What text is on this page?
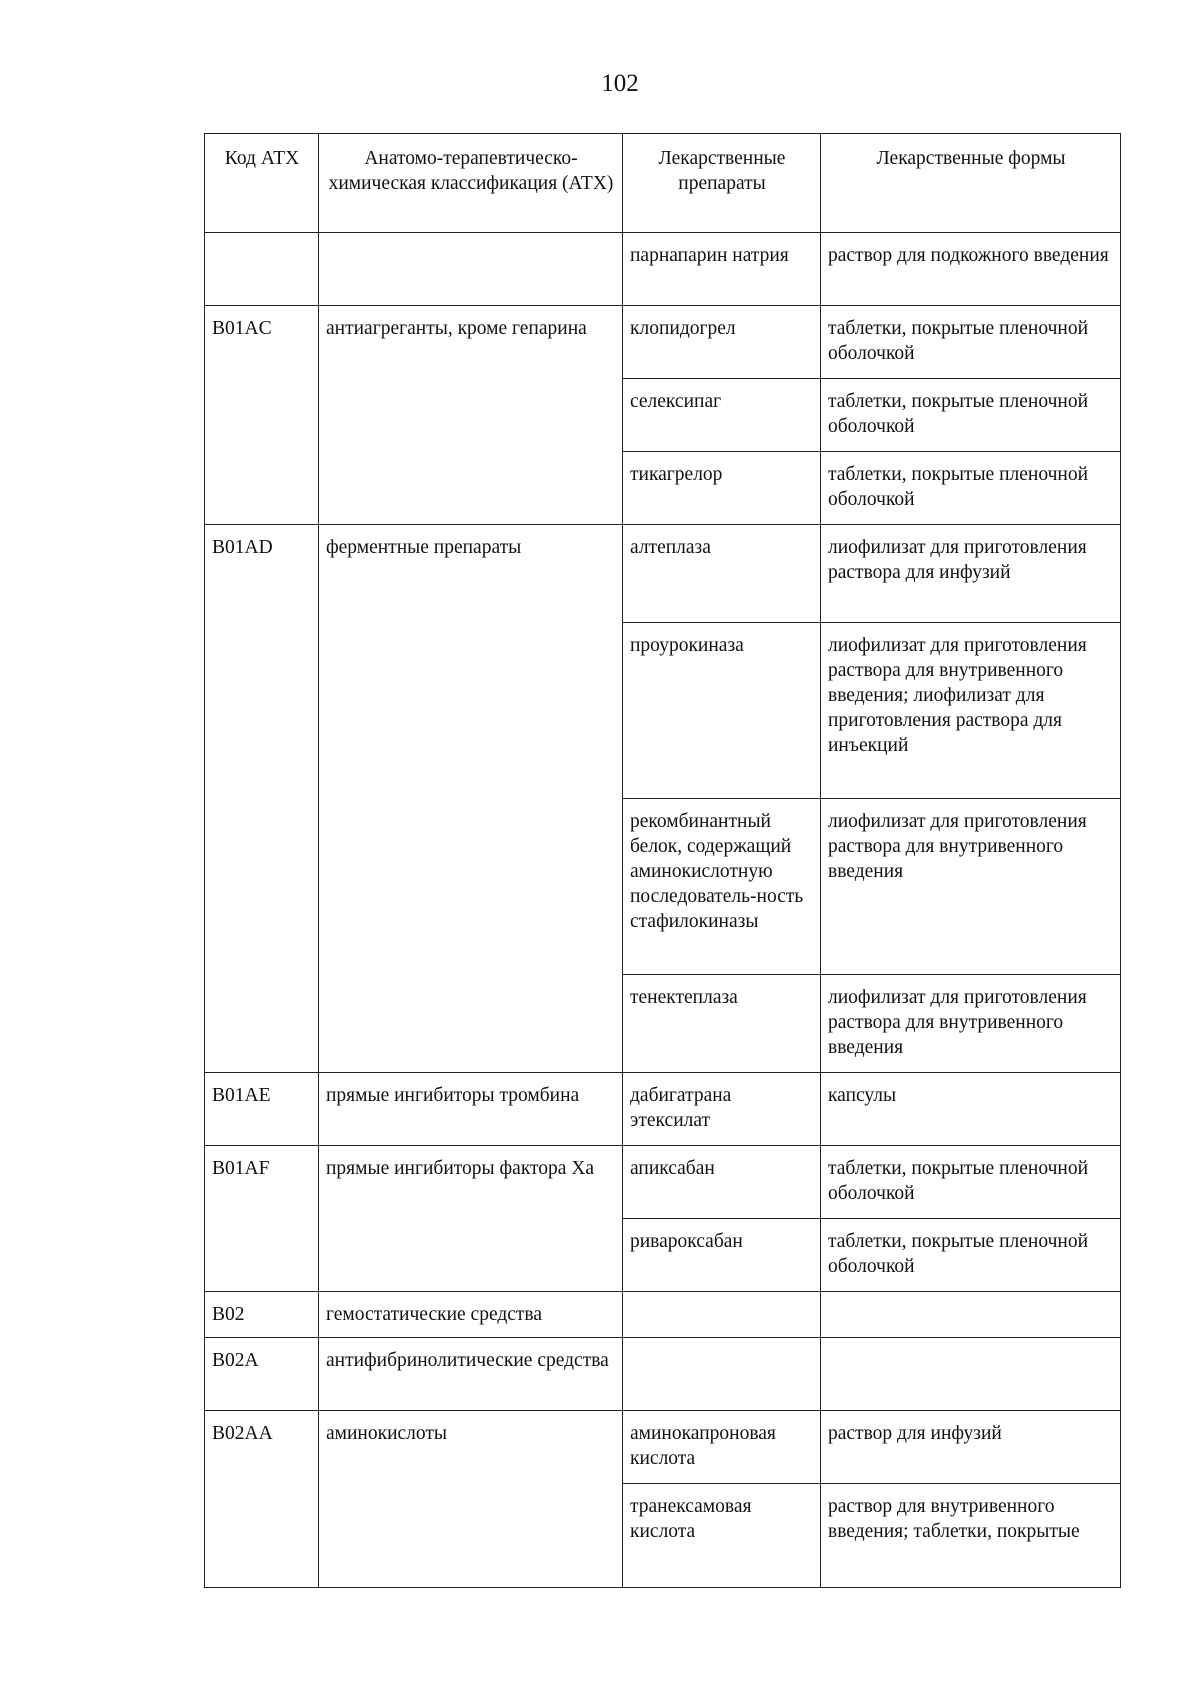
102
Код АТХ	Анатомо-терапевтическо-химическая классификация (АТХ)	Лекарственные препараты	Лекарственные формы
		парнапарин натрия	раствор для подкожного введения
B01AC	антиагреганты, кроме гепарина	клопидогрел	таблетки, покрытые пленочной оболочкой
		селексипаг	таблетки, покрытые пленочной оболочкой
		тикагрелор	таблетки, покрытые пленочной оболочкой
B01AD	ферментные препараты	алтеплаза	лиофилизат для приготовления раствора для инфузий
		проурокиназа	лиофилизат для приготовления раствора для внутривенного введения; лиофилизат для приготовления раствора для инъекций
		рекомбинантный белок, содержащий аминокислотную последователь-ность стафилокиназы	лиофилизат для приготовления раствора для внутривенного введения
		тенектеплаза	лиофилизат для приготовления раствора для внутривенного введения
B01AE	прямые ингибиторы тромбина	дабигатрана этексилат	капсулы
B01AF	прямые ингибиторы фактора Xa	апиксабан	таблетки, покрытые пленочной оболочкой
		ривароксабан	таблетки, покрытые пленочной оболочкой
B02	гемостатические средства		
B02A	антифибринолитические средства		
B02AA	аминокислоты	аминокапроновая кислота	раствор для инфузий
		транексамовая кислота	раствор для внутривенного введения; таблетки, покрытые
